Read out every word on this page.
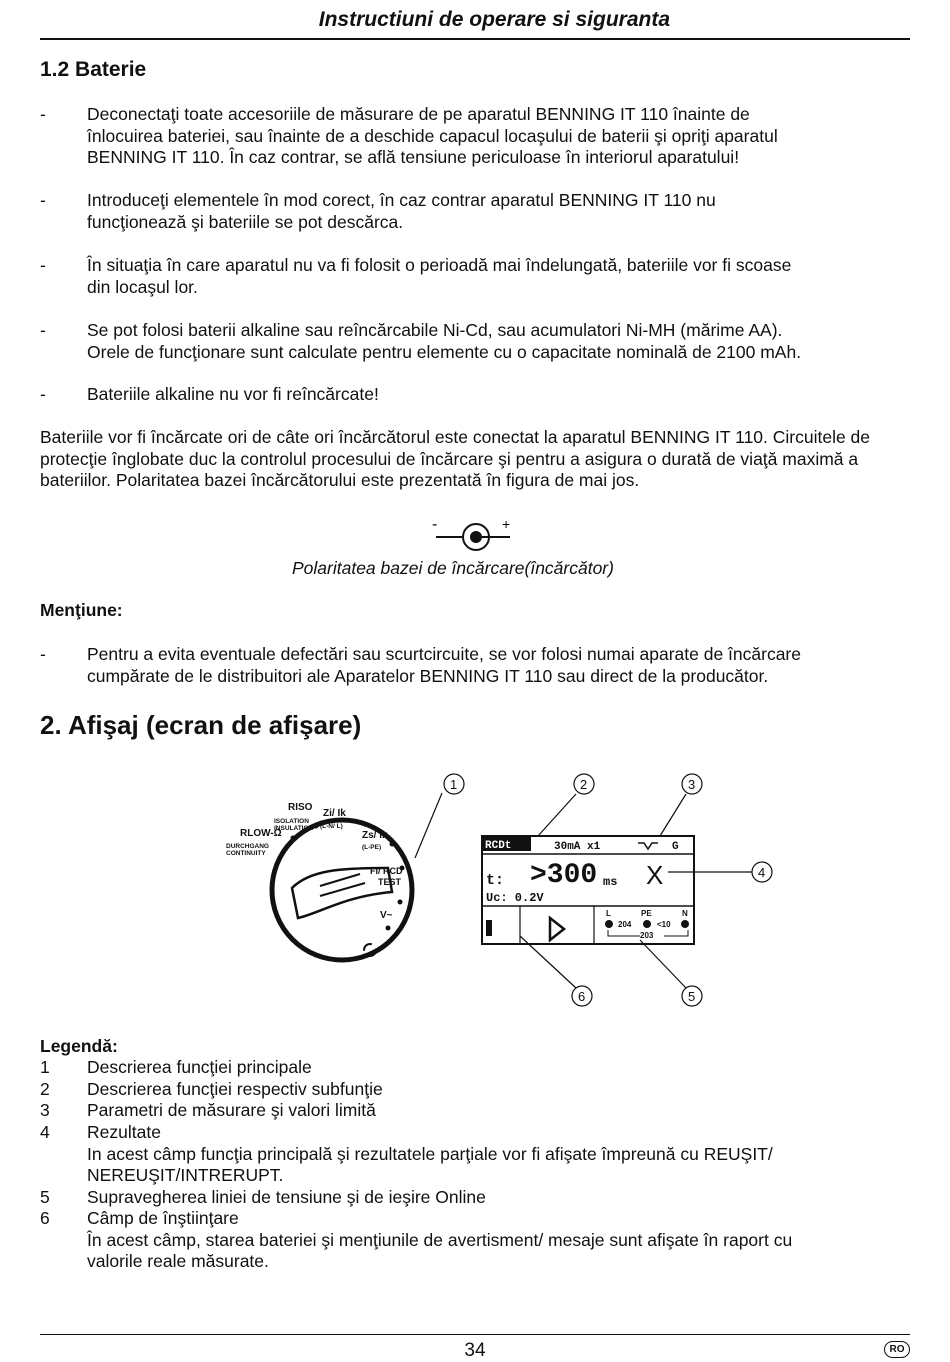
Instructiuni de operare si siguranta
1.2 Baterie
- Deconectaţi toate accesoriile de măsurare de pe aparatul BENNING IT 110 înainte de
înlocuirea bateriei, sau înainte de a deschide capacul locaşului de baterii şi opriţi aparatul
BENNING IT 110. În caz contrar, se află tensiune periculoase în interiorul aparatului!
- Introduceţi elementele în mod corect, în caz contrar aparatul BENNING IT 110 nu
funcţionează şi bateriile se pot descărca.
- În situaţia în care aparatul nu va fi folosit o perioadă mai îndelungată, bateriile vor fi scoase
din locaşul lor.
- Se pot folosi baterii alkaline sau reîncărcabile Ni-Cd, sau acumulatori Ni-MH (mărime AA).
Orele de funcţionare sunt calculate pentru elemente cu o capacitate nominală de 2100 mAh.
- Bateriile alkaline nu vor fi reîncărcate!
Bateriile vor fi încărcate ori de câte ori încărcătorul este conectat la aparatul BENNING IT 110. Circuitele de protecţie înglobate duc la controlul procesului de încărcare şi pentru a asigura o durată de viaţă maximă a bateriilor. Polaritatea bazei încărcătorului este prezentată în figura de mai jos.
-	+
Polaritatea bazei de încărcare(încărcător)
Menţiune:
- Pentru a evita eventuale defectări sau scurtcircuite, se vor folosi numai aparate de încărcare
cumpărate de le distribuitori ale Aparatelor BENNING IT 110 sau direct de la producător.
2. Afişaj (ecran de afişare)
RLOW-Ω
DURCHGANG CONTINUITY
RISO
ISOLATION INSULATION
Zi/ Ik
(L-N/ L)
Zs/ Ik
(L-PE)
FI/ RCD
TEST
V~
1
RCDt	30mA x1	G
t: >300 ms X
Uc: 0.2V
L	PE	N
204	<10
203
2	3
4
5
6
Legendă:
1 Descrierea funcţiei principale
2 Descrierea funcţiei respectiv subfunţie
3 Parametri de măsurare şi valori limită
4 Rezultate
In acest câmp funcţia principală şi rezultatele parţiale vor fi afişate împreună cu REUŞIT/
NEREUŞIT/INTRERUPT.
5 Supravegherea liniei de tensiune şi de ieşire Online
6 Câmp de înştiinţare
În acest câmp, starea bateriei şi menţiunile de avertisment/ mesaje sunt afişate în raport cu
valorile reale măsurate.
34	RO
